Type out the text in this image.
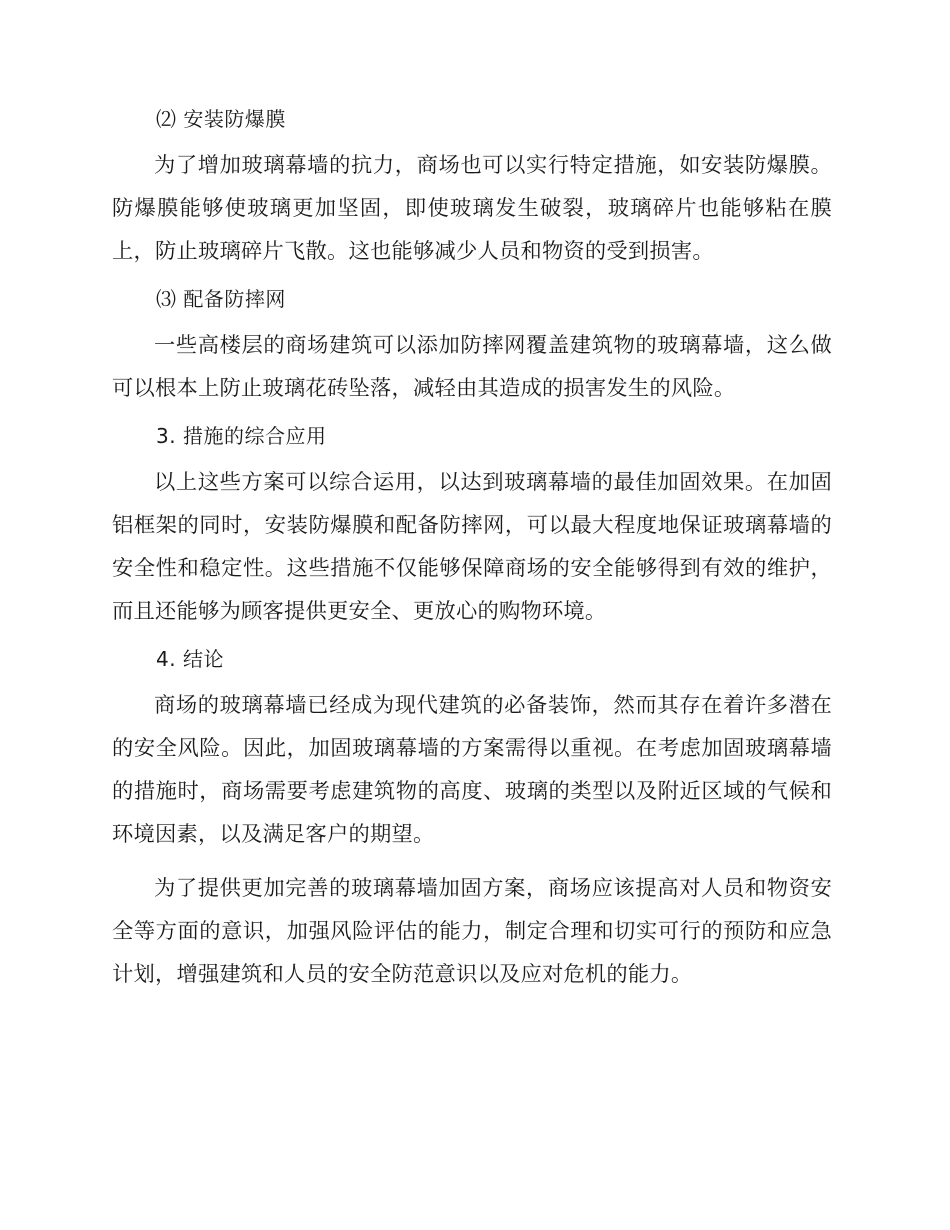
⑵ 安装防爆膜

为了增加玻璃幕墙的抗力，商场也可以实行特定措施，如安装防爆膜。防爆膜能够使玻璃更加坚固，即使玻璃发生破裂，玻璃碎片也能够粘在膜上，防止玻璃碎片飞散。这也能够减少人员和物资的受到损害。

⑶ 配备防摔网

一些高楼层的商场建筑可以添加防摔网覆盖建筑物的玻璃幕墙，这么做可以根本上防止玻璃花砖坠落，减轻由其造成的损害发生的风险。

3. 措施的综合应用

以上这些方案可以综合运用，以达到玻璃幕墙的最佳加固效果。在加固铝框架的同时，安装防爆膜和配备防摔网，可以最大程度地保证玻璃幕墙的安全性和稳定性。这些措施不仅能够保障商场的安全能够得到有效的维护，而且还能够为顾客提供更安全、更放心的购物环境。

4. 结论

商场的玻璃幕墙已经成为现代建筑的必备装饰，然而其存在着许多潜在的安全风险。因此，加固玻璃幕墙的方案需得以重视。在考虑加固玻璃幕墙的措施时，商场需要考虑建筑物的高度、玻璃的类型以及附近区域的气候和环境因素，以及满足客户的期望。

为了提供更加完善的玻璃幕墙加固方案，商场应该提高对人员和物资安全等方面的意识，加强风险评估的能力，制定合理和切实可行的预防和应急计划，增强建筑和人员的安全防范意识以及应对危机的能力。
